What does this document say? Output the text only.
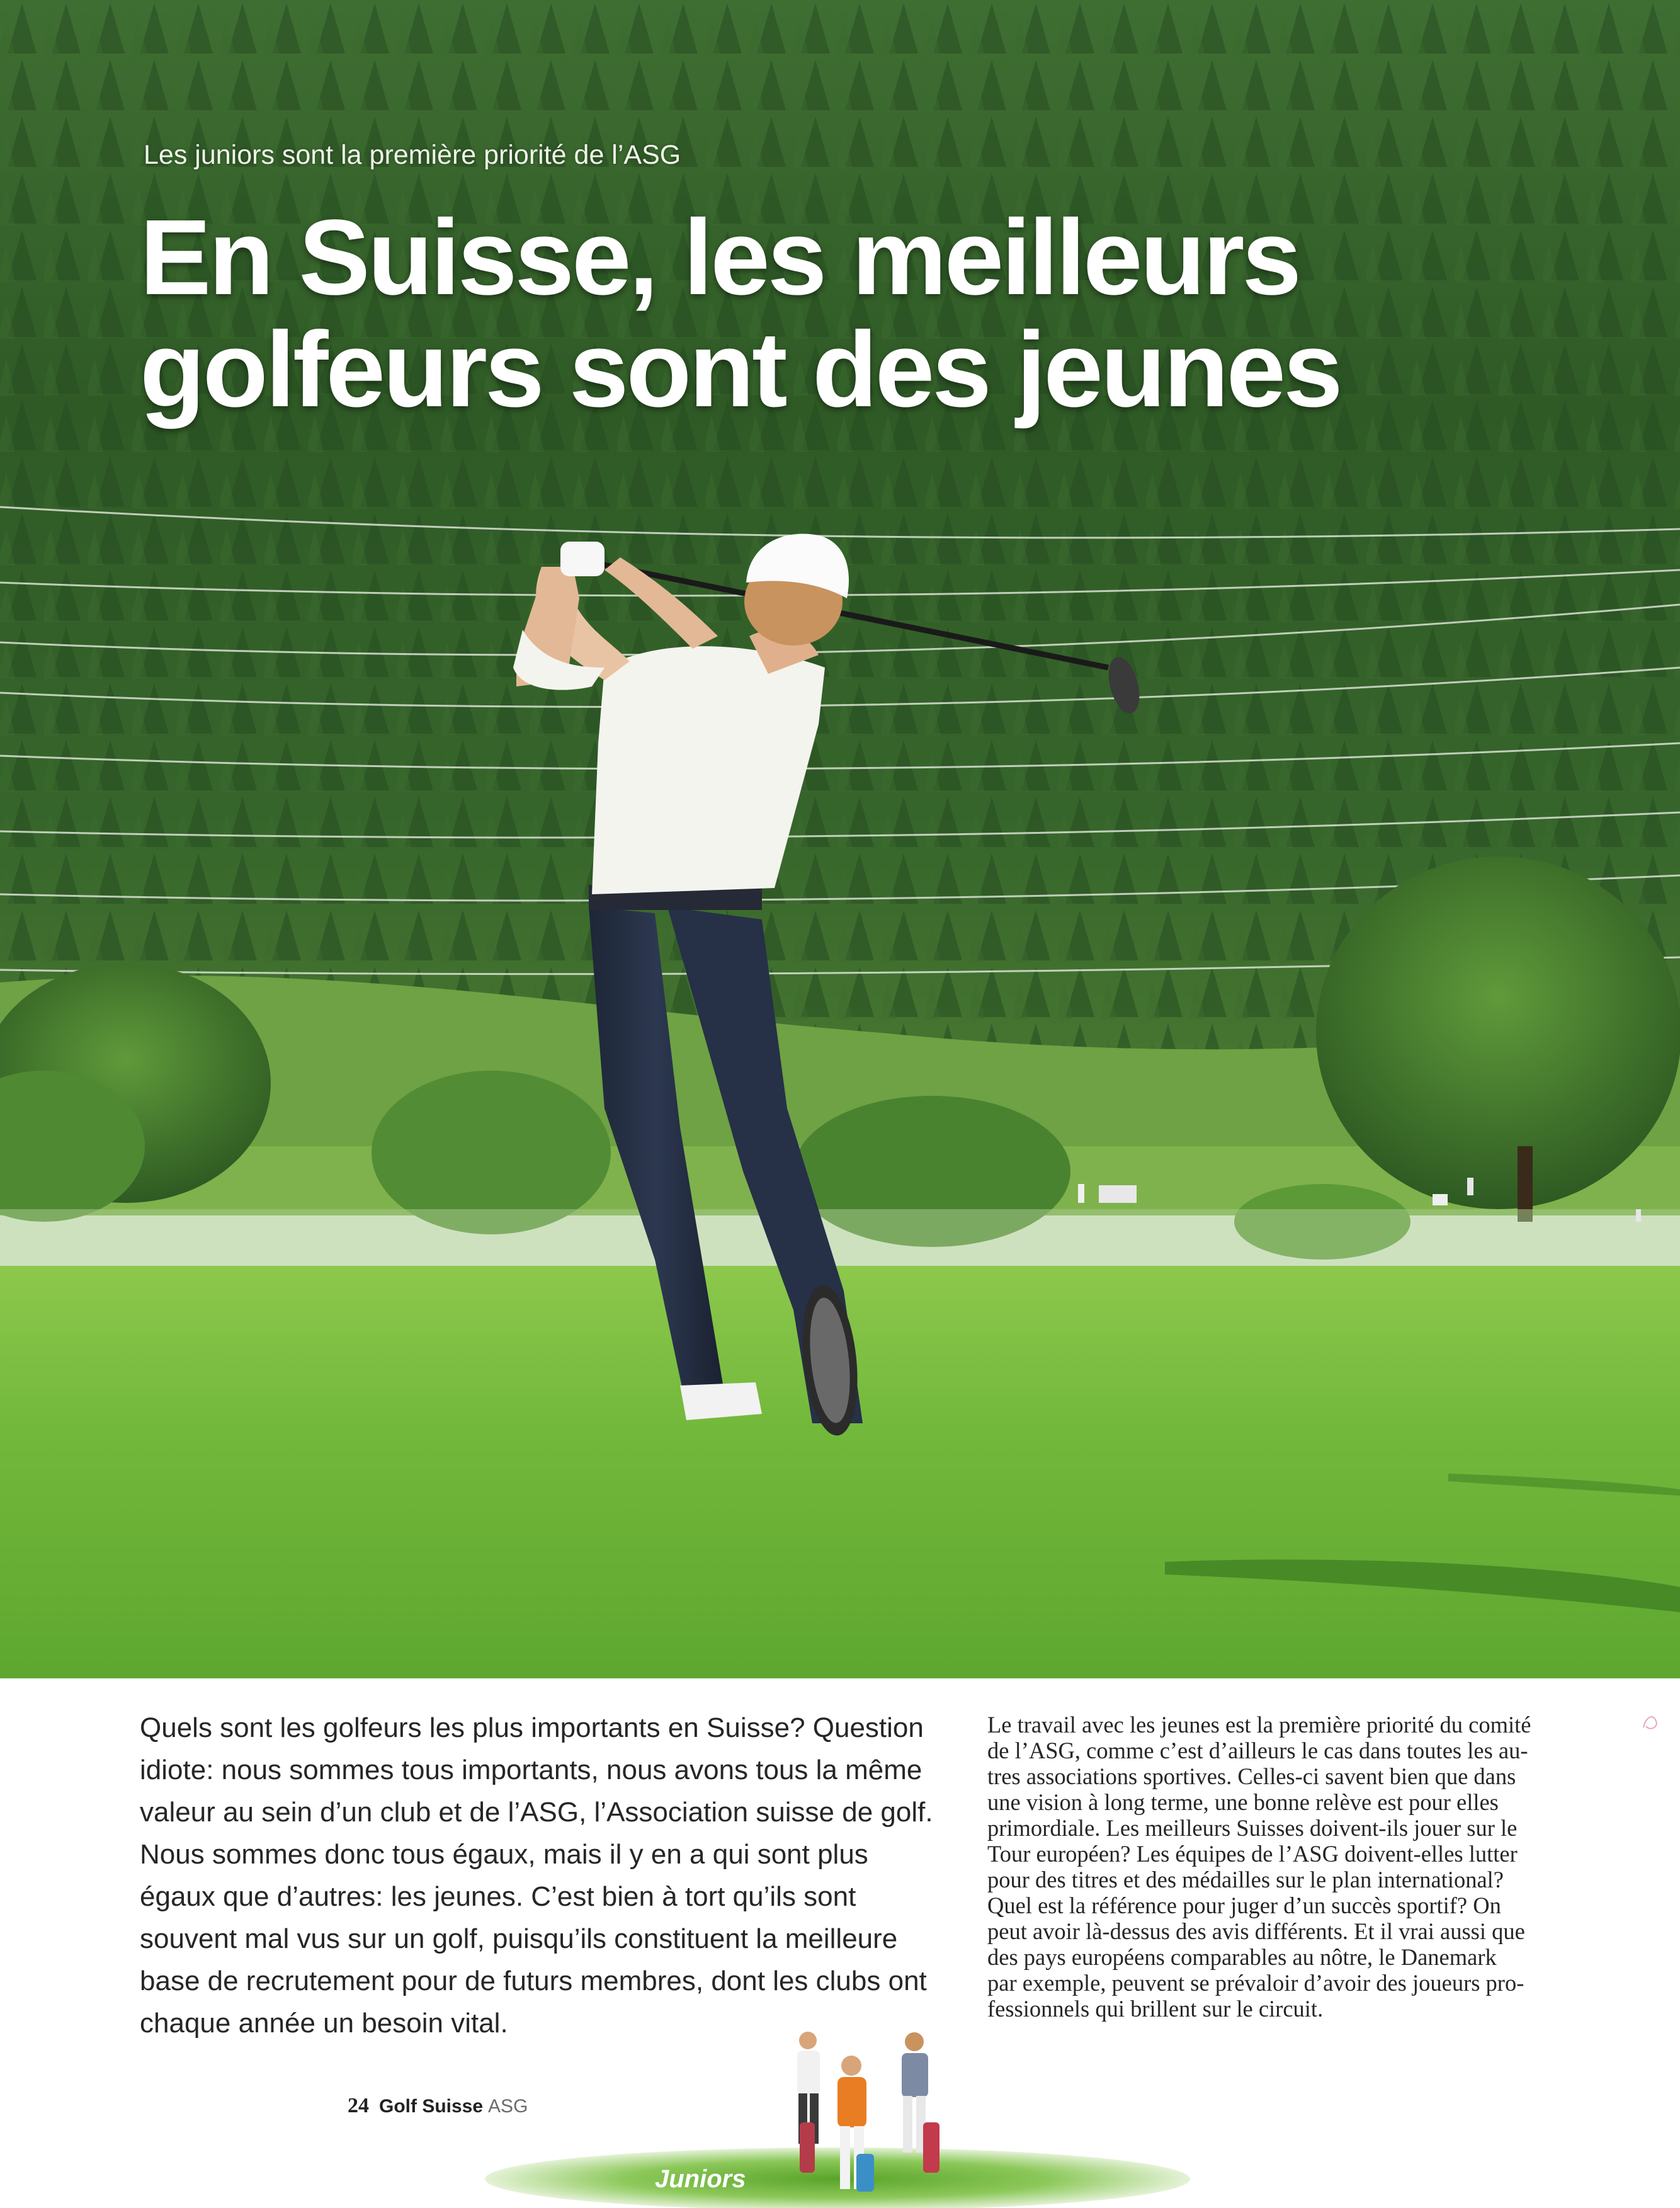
Les juniors sont la première priorité de l’ASG
En Suisse, les meilleurs
golfeurs sont des jeunes
Quels sont les golfeurs les plus importants en Suisse? Question
idiote: nous sommes tous importants, nous avons tous la même
valeur au sein d’un club et de l’ASG, l’Association suisse de golf.
Nous sommes donc tous égaux, mais il y en a qui sont plus
égaux que d’autres: les jeunes. C’est bien à tort qu’ils sont
souvent mal vus sur un golf, puisqu’ils constituent la meilleure
base de recrutement pour de futurs membres, dont les clubs ont
chaque année un besoin vital.
Le travail avec les jeunes est la première priorité du comité
de l’ASG, comme c’est d’ailleurs le cas dans toutes les au-
tres associations sportives. Celles-ci savent bien que dans
une vision à long terme, une bonne relève est pour elles
primordiale. Les meilleurs Suisses doivent-ils jouer sur le
Tour européen? Les équipes de l’ASG doivent-elles lutter
pour des titres et des médailles sur le plan international?
Quel est la référence pour juger d’un succès sportif? On
peut avoir là-dessus des avis différents. Et il vrai aussi que
des pays européens comparables au nôtre, le Danemark
par exemple, peuvent se prévaloir d’avoir des joueurs pro-
fessionnels qui brillent sur le circuit.
24 Golf Suisse ASG
Juniors
